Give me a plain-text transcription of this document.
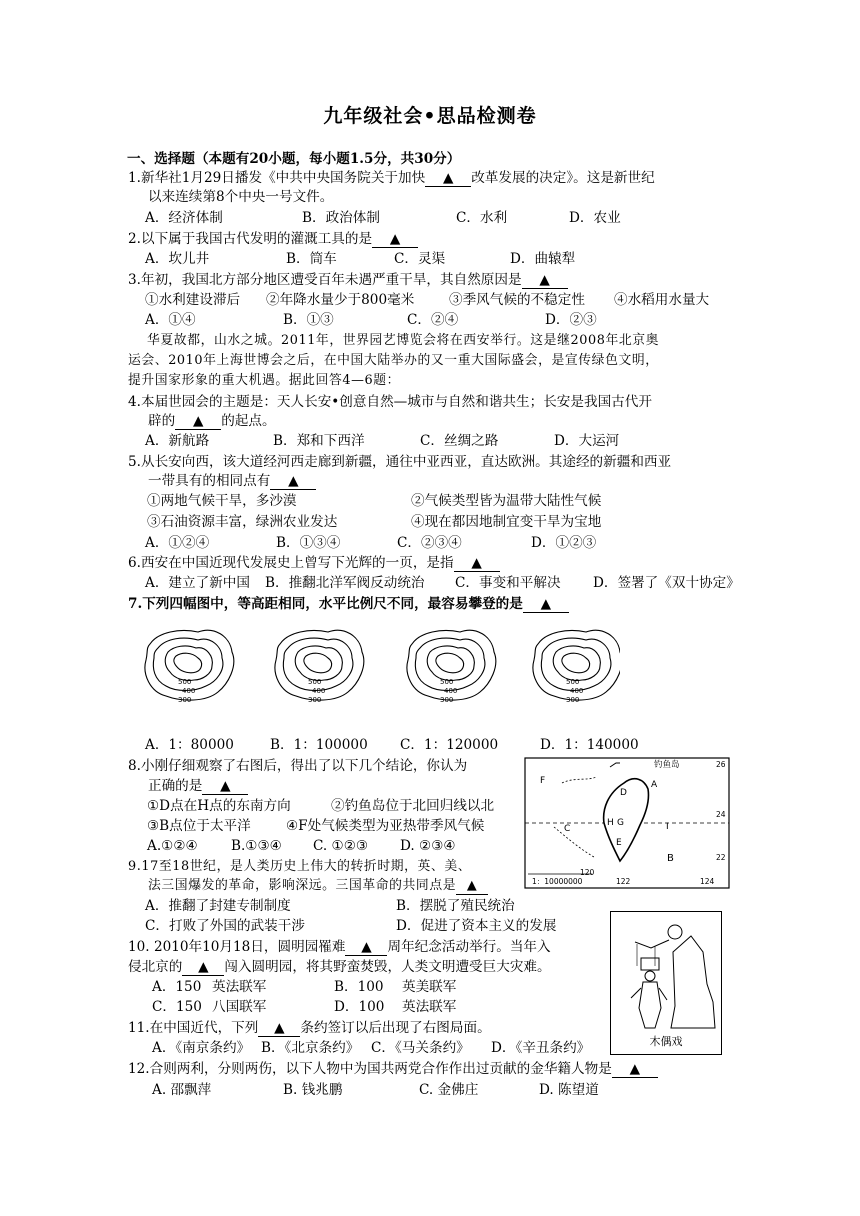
九年级社会•思品检测卷
一、选择题（本题有20小题，每小题1.5分，共30分）
1.新华社1月29日播发《中共中央国务院关于加快 ▲ 改革发展的决定》。这是新世纪
以来连续第8个中央一号文件。
A．经济体制	B．政治体制	C．水利	D．农业
2.以下属于我国古代发明的灌溉工具的是 ▲
A．坎儿井	B．筒车	C．灵渠	D．曲辕犁
3.年初，我国北方部分地区遭受百年未遇严重干旱，其自然原因是 ▲
①水利建设滞后 ②年降水量少于800毫米	③季风气候的不稳定性 ④水稻用水量大
A．①④	B．①③	C．②④	D．②③
华夏故都，山水之城。2011年，世界园艺博览会将在西安举行。这是继2008年北京奥
运会、2010年上海世博会之后，在中国大陆举办的又一重大国际盛会，是宣传绿色文明，
提升国家形象的重大机遇。据此回答4—6题：
4.本届世园会的主题是：天人长安•创意自然—城市与自然和谐共生；长安是我国古代开
辟的 ▲ 的起点。
A．新航路	B．郑和下西洋	C．丝绸之路	D．大运河
5.从长安向西，该大道经河西走廊到新疆，通往中亚西亚，直达欧洲。其途经的新疆和西亚
一带具有的相同点有 ▲
①两地气候干旱，多沙漠	②气候类型皆为温带大陆性气候
③石油资源丰富，绿洲农业发达	④现在都因地制宜变干旱为宝地
A．①②④	B．①③④	C．②③④	D．①②③
6.西安在中国近现代发展史上曾写下光辉的一页，是指 ▲
A．建立了新中国 B．推翻北洋军阀反动统治 C．事变和平解决 D．签署了《双十协定》
7.下列四幅图中，等高距相同，水平比例尺不同，最容易攀登的是 ▲
500
400
300
500
400
300
500
400
300
500
400
300
A．1：80000	B．1：100000 C．1：120000	D．1：140000
8.小刚仔细观察了右图后，得出了以下几个结论，你认为
正确的是 ▲
①D点在H点的东南方向	②钓鱼岛位于北回归线以北
③B点位于太平洋	④F处气候类型为亚热带季风气候
A.①②④ B.①③④ C. ①②③ D. ②③④
F
D
A
C	I
H G
E
B
钓鱼岛	26
24
22
1：10000000
120
122	124
9.17至18世纪，是人类历史上伟大的转折时期，英、美、
法三国爆发的革命，影响深远。三国革命的共同点是 ▲
A．推翻了封建专制制度	B．摆脱了殖民统治
C．打败了外国的武装干涉	D．促进了资本主义的发展
木偶戏
10. 2010年10月18日，圆明园罹难 ▲ 周年纪念活动举行。当年入
侵北京的 ▲ 闯入圆明园，将其野蛮焚毁，人类文明遭受巨大灾难。
A．150 英法联军	B．100 英美联军
C．150 八国联军	D．100 英法联军
11.在中国近代，下列 ▲ 条约签订以后出现了右图局面。
A．《南京条约》 B．《北京条约》 C．《马关条约》 D．《辛丑条约》
12.合则两利，分则两伤，以下人物中为国共两党合作作出过贡献的金华籍人物是 ▲
A. 邵飘萍	B. 钱兆鹏	C. 金佛庄	D. 陈望道
